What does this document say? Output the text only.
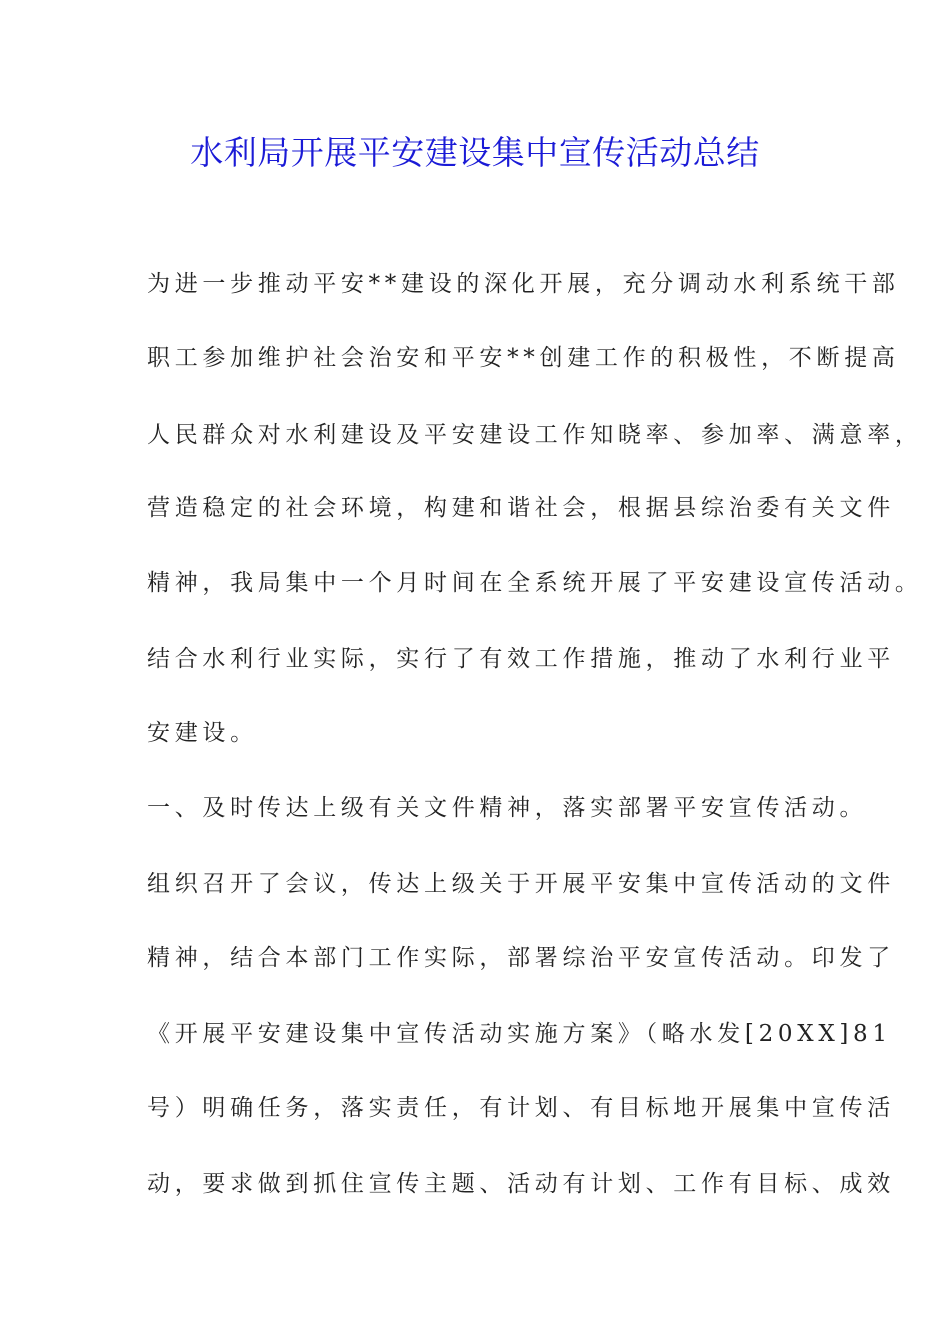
水利局开展平安建设集中宣传活动总结
为进一步推动平安**建设的深化开展，充分调动水利系统干部
职工参加维护社会治安和平安**创建工作的积极性，不断提高
人民群众对水利建设及平安建设工作知晓率、参加率、满意率，
营造稳定的社会环境，构建和谐社会，根据县综治委有关文件
精神，我局集中一个月时间在全系统开展了平安建设宣传活动。
结合水利行业实际，实行了有效工作措施，推动了水利行业平
安建设。
一、及时传达上级有关文件精神，落实部署平安宣传活动。
组织召开了会议，传达上级关于开展平安集中宣传活动的文件
精神，结合本部门工作实际，部署综治平安宣传活动。印发了
《开展平安建设集中宣传活动实施方案》（略水发[20XX]81
号）明确任务，落实责任，有计划、有目标地开展集中宣传活
动，要求做到抓住宣传主题、活动有计划、工作有目标、成效
